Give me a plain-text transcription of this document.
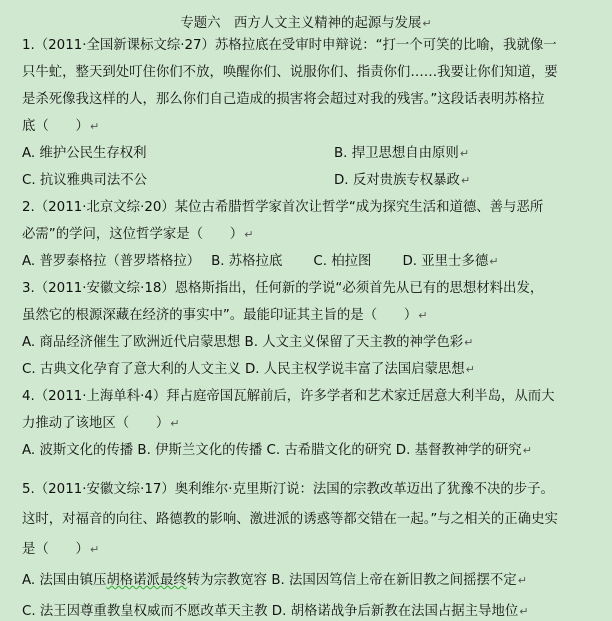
专题六　西方人文主义精神的起源与发展↵
1.（2011·全国新课标文综·27）苏格拉底在受审时申辩说：“打一个可笑的比喻，我就像一
只牛虻，整天到处叮住你们不放，唤醒你们、说服你们、指责你们……我要让你们知道，要
是杀死像我这样的人，那么你们自己造成的损害将会超过对我的残害。”这段话表明苏格拉
底（　　）↵
A. 维护公民生存权利	B. 捍卫思想自由原则↵
C. 抗议雅典司法不公	D. 反对贵族专权暴政↵
2.（2011·北京文综·20）某位古希腊哲学家首次让哲学“成为探究生活和道德、善与恶所
必需”的学问，这位哲学家是（　　）↵
A. 普罗泰格拉（普罗塔格拉）　 B. 苏格拉底　　 C. 柏拉图　　 D. 亚里士多德↵
3.（2011·安徽文综·18）恩格斯指出，任何新的学说“必须首先从已有的思想材料出发，
虽然它的根源深藏在经济的事实中”。最能印证其主旨的是（　　）↵
A. 商品经济催生了欧洲近代启蒙思想 B. 人文主义保留了天主教的神学色彩↵
C. 古典文化孕育了意大利的人文主义 D. 人民主权学说丰富了法国启蒙思想↵
4.（2011·上海单科·4）拜占庭帝国瓦解前后，许多学者和艺术家迁居意大利半岛，从而大
力推动了该地区（　　）↵
A. 波斯文化的传播 B. 伊斯兰文化的传播 C. 古希腊文化的研究 D. 基督教神学的研究↵
5.（2011·安徽文综·17）奥利维尔·克里斯汀说：法国的宗教改革迈出了犹豫不决的步子。
这时，对福音的向往、路德教的影响、激进派的诱惑等都交错在一起。”与之相关的正确史实
是（　　）↵
A. 法国由镇压胡格诺派最终转为宗教宽容 B. 法国因笃信上帝在新旧教之间摇摆不定↵
C. 法王因尊重教皇权威而不愿改革天主教 D. 胡格诺战争后新教在法国占据主导地位↵
